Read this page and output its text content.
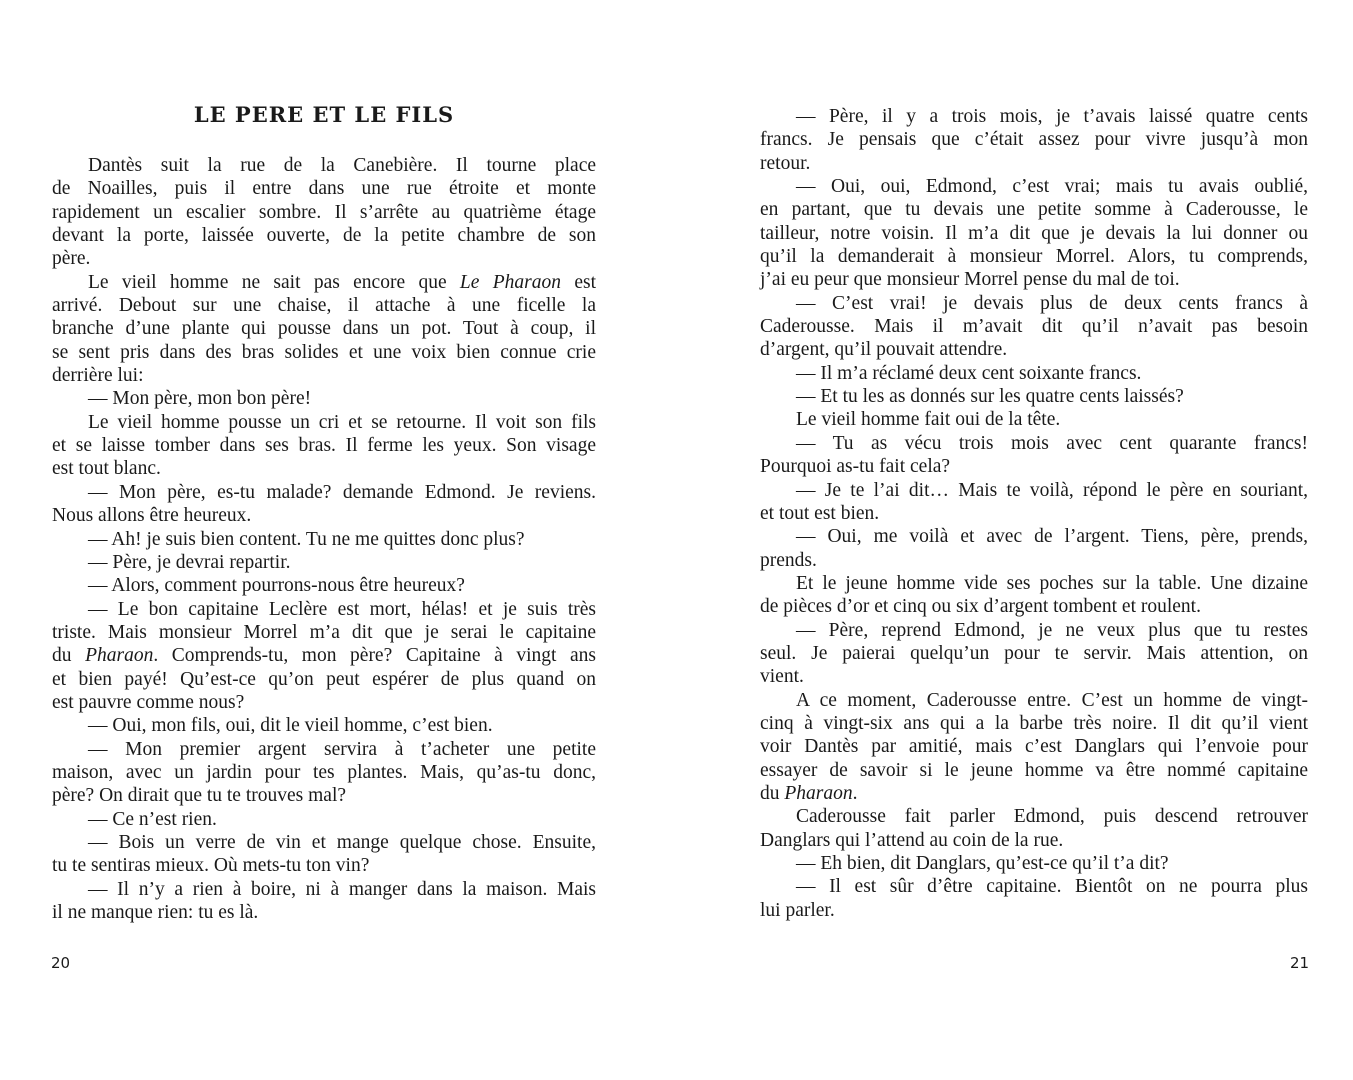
LE PERE ET LE FILS
Dantès suit la rue de la Canebière. Il tourne place
de Noailles, puis il entre dans une rue étroite et monte
rapidement un escalier sombre. Il s’arrête au quatrième étage
devant la porte, laissée ouverte, de la petite chambre de son
père.
Le vieil homme ne sait pas encore que Le Pharaon est
arrivé. Debout sur une chaise, il attache à une ficelle la
branche d’une plante qui pousse dans un pot. Tout à coup, il
se sent pris dans des bras solides et une voix bien connue crie
derrière lui:
— Mon père, mon bon père!
Le vieil homme pousse un cri et se retourne. Il voit son fils
et se laisse tomber dans ses bras. Il ferme les yeux. Son visage
est tout blanc.
— Mon père, es-tu malade? demande Edmond. Je reviens.
Nous allons être heureux.
— Ah! je suis bien content. Tu ne me quittes donc plus?
— Père, je devrai repartir.
— Alors, comment pourrons-nous être heureux?
— Le bon capitaine Leclère est mort, hélas! et je suis très
triste. Mais monsieur Morrel m’a dit que je serai le capitaine
du Pharaon. Comprends-tu, mon père? Capitaine à vingt ans
et bien payé! Qu’est-ce qu’on peut espérer de plus quand on
est pauvre comme nous?
— Oui, mon fils, oui, dit le vieil homme, c’est bien.
— Mon premier argent servira à t’acheter une petite
maison, avec un jardin pour tes plantes. Mais, qu’as-tu donc,
père? On dirait que tu te trouves mal?
— Ce n’est rien.
— Bois un verre de vin et mange quelque chose. Ensuite,
tu te sentiras mieux. Où mets-tu ton vin?
— Il n’y a rien à boire, ni à manger dans la maison. Mais
il ne manque rien: tu es là.
20
— Père, il y a trois mois, je t’avais laissé quatre cents
francs. Je pensais que c’était assez pour vivre jusqu’à mon
retour.
— Oui, oui, Edmond, c’est vrai; mais tu avais oublié,
en partant, que tu devais une petite somme à Caderousse, le
tailleur, notre voisin. Il m’a dit que je devais la lui donner ou
qu’il la demanderait à monsieur Morrel. Alors, tu comprends,
j’ai eu peur que monsieur Morrel pense du mal de toi.
— C’est vrai! je devais plus de deux cents francs à
Caderousse. Mais il m’avait dit qu’il n’avait pas besoin
d’argent, qu’il pouvait attendre.
— Il m’a réclamé deux cent soixante francs.
— Et tu les as donnés sur les quatre cents laissés?
Le vieil homme fait oui de la tête.
— Tu as vécu trois mois avec cent quarante francs!
Pourquoi as-tu fait cela?
— Je te l’ai dit… Mais te voilà, répond le père en souriant,
et tout est bien.
— Oui, me voilà et avec de l’argent. Tiens, père, prends,
prends.
Et le jeune homme vide ses poches sur la table. Une dizaine
de pièces d’or et cinq ou six d’argent tombent et roulent.
— Père, reprend Edmond, je ne veux plus que tu restes
seul. Je paierai quelqu’un pour te servir. Mais attention, on
vient.
A ce moment, Caderousse entre. C’est un homme de vingt-
cinq à vingt-six ans qui a la barbe très noire. Il dit qu’il vient
voir Dantès par amitié, mais c’est Danglars qui l’envoie pour
essayer de savoir si le jeune homme va être nommé capitaine
du Pharaon.
Caderousse fait parler Edmond, puis descend retrouver
Danglars qui l’attend au coin de la rue.
— Eh bien, dit Danglars, qu’est-ce qu’il t’a dit?
— Il est sûr d’être capitaine. Bientôt on ne pourra plus
lui parler.
21
